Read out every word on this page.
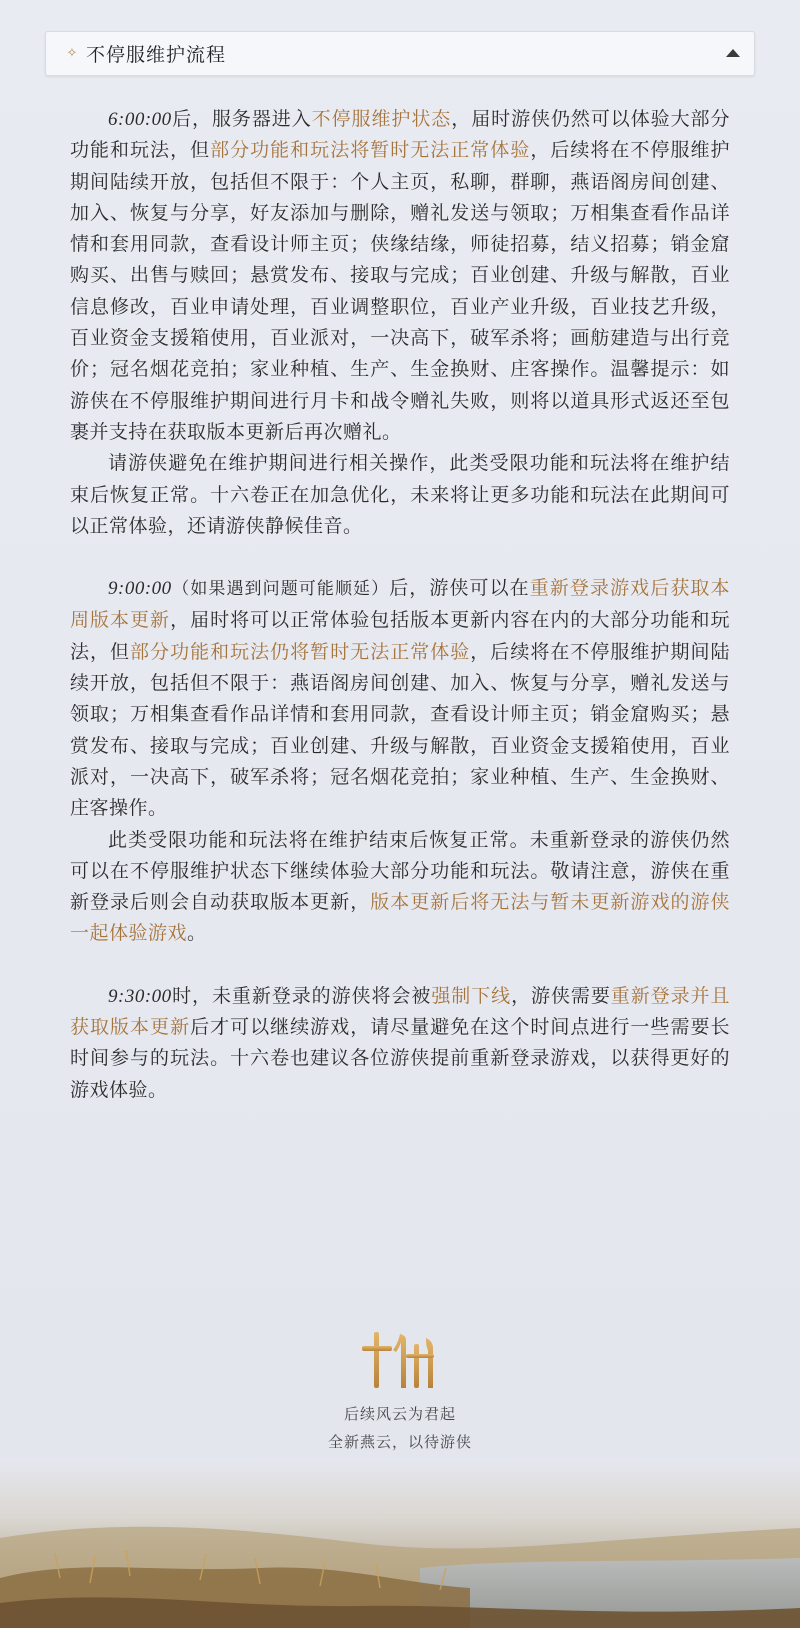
✧ 不停服维护流程

6:00:00后，服务器进入不停服维护状态，届时游侠仍然可以体验大部分功能和玩法，但部分功能和玩法将暂时无法正常体验，后续将在不停服维护期间陆续开放，包括但不限于：个人主页，私聊，群聊，燕语阁房间创建、加入、恢复与分享，好友添加与删除，赠礼发送与领取；万相集查看作品详情和套用同款，查看设计师主页；侠缘结缘，师徒招募，结义招募；销金窟购买、出售与赎回；悬赏发布、接取与完成；百业创建、升级与解散，百业信息修改，百业申请处理，百业调整职位，百业产业升级，百业技艺升级，百业资金支援箱使用，百业派对，一决高下，破军杀将；画舫建造与出行竞价；冠名烟花竞拍；家业种植、生产、生金换财、庄客操作。温馨提示：如游侠在不停服维护期间进行月卡和战令赠礼失败，则将以道具形式返还至包裹并支持在获取版本更新后再次赠礼。

请游侠避免在维护期间进行相关操作，此类受限功能和玩法将在维护结束后恢复正常。十六卷正在加急优化，未来将让更多功能和玩法在此期间可以正常体验，还请游侠静候佳音。

9:00:00（如果遇到问题可能顺延）后，游侠可以在重新登录游戏后获取本周版本更新，届时将可以正常体验包括版本更新内容在内的大部分功能和玩法，但部分功能和玩法仍将暂时无法正常体验，后续将在不停服维护期间陆续开放，包括但不限于：燕语阁房间创建、加入、恢复与分享，赠礼发送与领取；万相集查看作品详情和套用同款，查看设计师主页；销金窟购买；悬赏发布、接取与完成；百业创建、升级与解散，百业资金支援箱使用，百业派对，一决高下，破军杀将；冠名烟花竞拍；家业种植、生产、生金换财、庄客操作。

此类受限功能和玩法将在维护结束后恢复正常。未重新登录的游侠仍然可以在不停服维护状态下继续体验大部分功能和玩法。敬请注意，游侠在重新登录后则会自动获取版本更新，版本更新后将无法与暂未更新游戏的游侠一起体验游戏。

9:30:00时，未重新登录的游侠将会被强制下线，游侠需要重新登录并且获取版本更新后才可以继续游戏，请尽量避免在这个时间点进行一些需要长时间参与的玩法。十六卷也建议各位游侠提前重新登录游戏，以获得更好的游戏体验。

后续风云为君起
全新燕云，以待游侠
